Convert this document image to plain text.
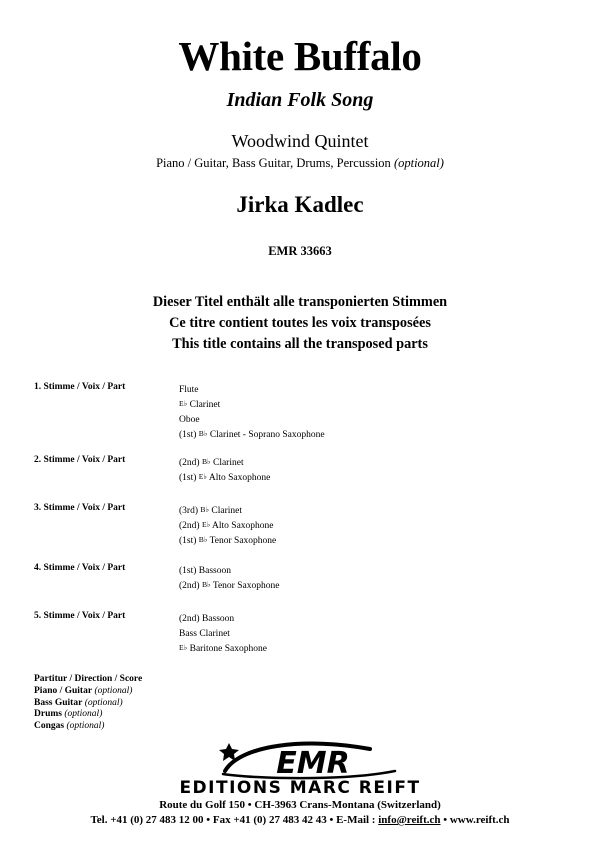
White Buffalo
Indian Folk Song
Woodwind Quintet
Piano / Guitar, Bass Guitar, Drums, Percussion (optional)
Jirka Kadlec
EMR 33663
Dieser Titel enthält alle transponierten Stimmen
Ce titre contient toutes les voix transposées
This title contains all the transposed parts
1. Stimme / Voix / Part	Flute
E♭ Clarinet
Oboe
(1st) B♭ Clarinet - Soprano Saxophone
2. Stimme / Voix / Part	(2nd) B♭ Clarinet
(1st) E♭ Alto Saxophone
3. Stimme / Voix / Part	(3rd) B♭ Clarinet
(2nd) E♭ Alto Saxophone
(1st) B♭ Tenor Saxophone
4. Stimme / Voix / Part	(1st) Bassoon
(2nd) B♭ Tenor Saxophone
5. Stimme / Voix / Part	(2nd) Bassoon
Bass Clarinet
E♭ Baritone Saxophone
Partitur / Direction / Score
Piano / Guitar (optional)
Bass Guitar (optional)
Drums (optional)
Congas (optional)
EMR
EDITIONS MARC REIFT
Route du Golf 150 • CH-3963 Crans-Montana (Switzerland)
Tel. +41 (0) 27 483 12 00 • Fax +41 (0) 27 483 42 43 • E-Mail : info@reift.ch • www.reift.ch
